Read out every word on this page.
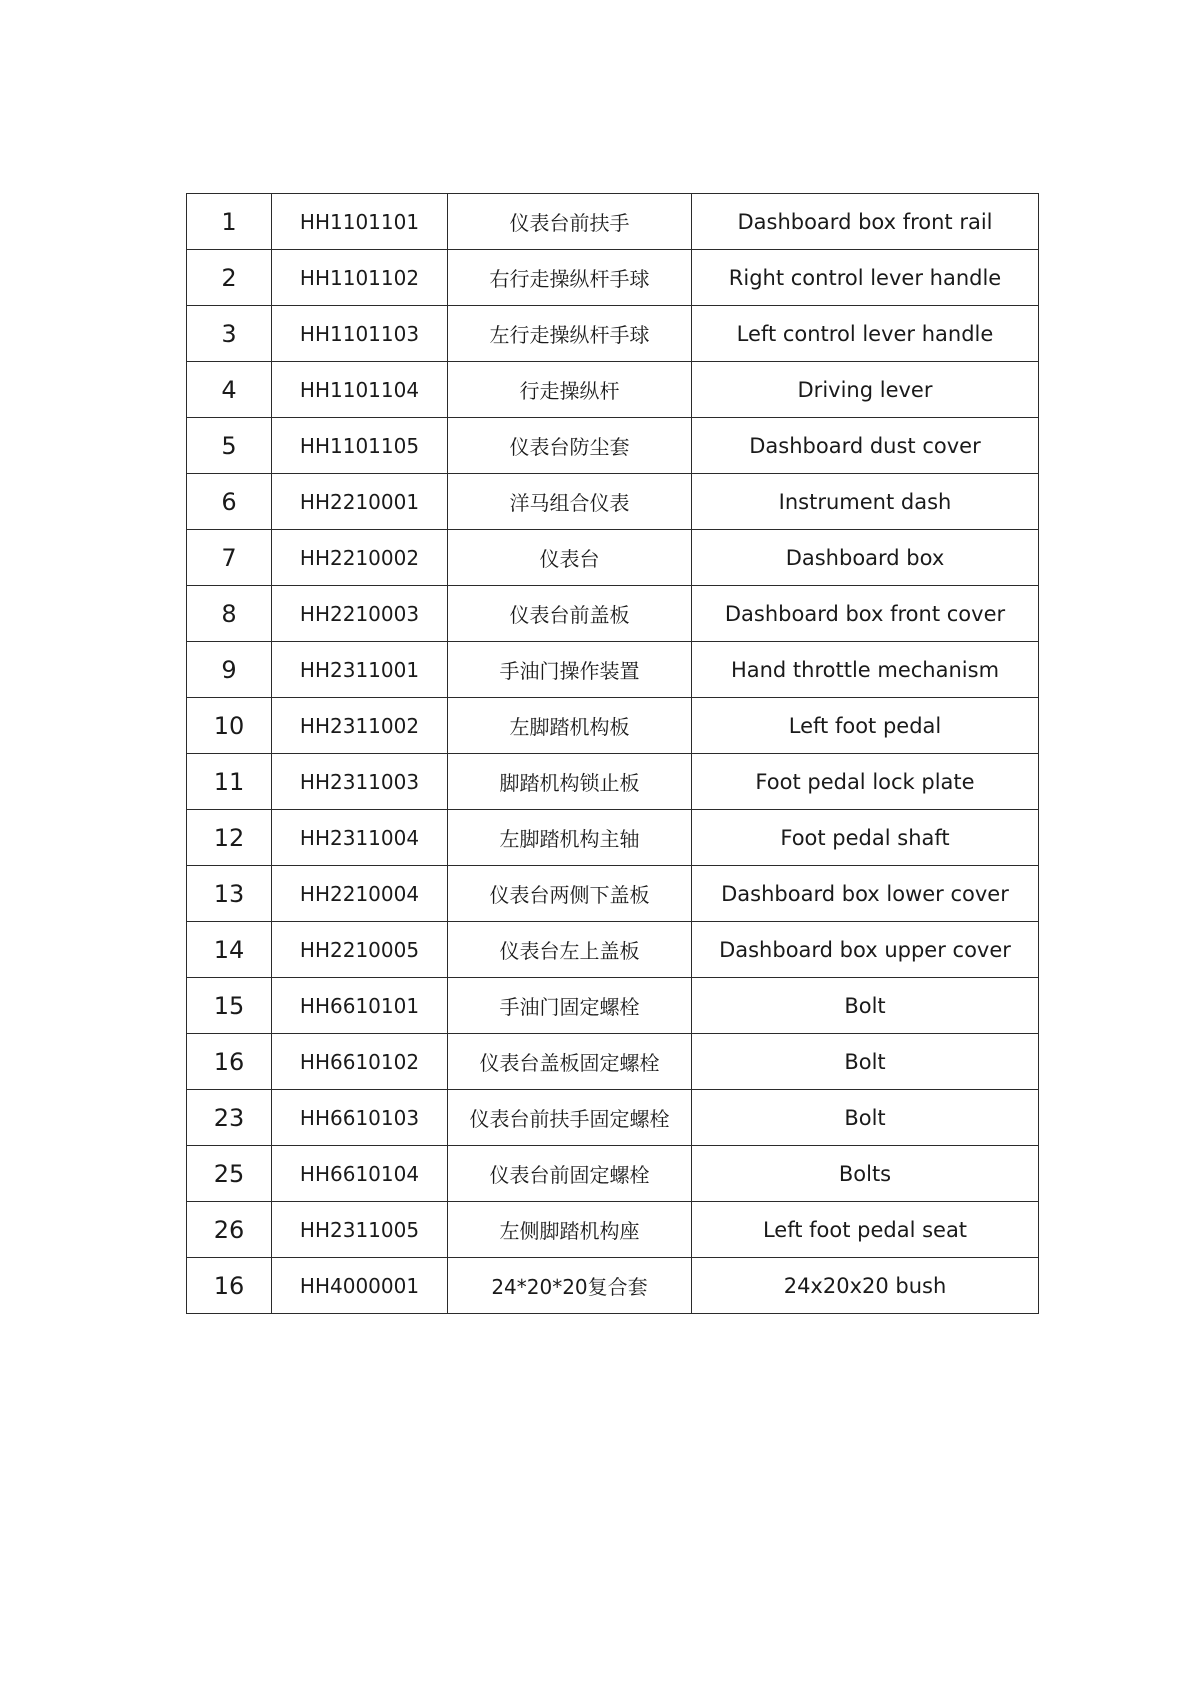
1	HH1101101	仪表台前扶手	Dashboard box front rail
2	HH1101102	右行走操纵杆手球	Right control lever handle
3	HH1101103	左行走操纵杆手球	Left control lever handle
4	HH1101104	行走操纵杆	Driving lever
5	HH1101105	仪表台防尘套	Dashboard dust cover
6	HH2210001	洋马组合仪表	Instrument dash
7	HH2210002	仪表台	Dashboard box
8	HH2210003	仪表台前盖板	Dashboard box front cover
9	HH2311001	手油门操作装置	Hand throttle mechanism
10	HH2311002	左脚踏机构板	Left foot pedal
11	HH2311003	脚踏机构锁止板	Foot pedal lock plate
12	HH2311004	左脚踏机构主轴	Foot pedal shaft
13	HH2210004	仪表台两侧下盖板	Dashboard box lower cover
14	HH2210005	仪表台左上盖板	Dashboard box upper cover
15	HH6610101	手油门固定螺栓	Bolt
16	HH6610102	仪表台盖板固定螺栓	Bolt
23	HH6610103	仪表台前扶手固定螺栓	Bolt
25	HH6610104	仪表台前固定螺栓	Bolts
26	HH2311005	左侧脚踏机构座	Left foot pedal seat
16	HH4000001	24*20*20复合套	24x20x20 bush
